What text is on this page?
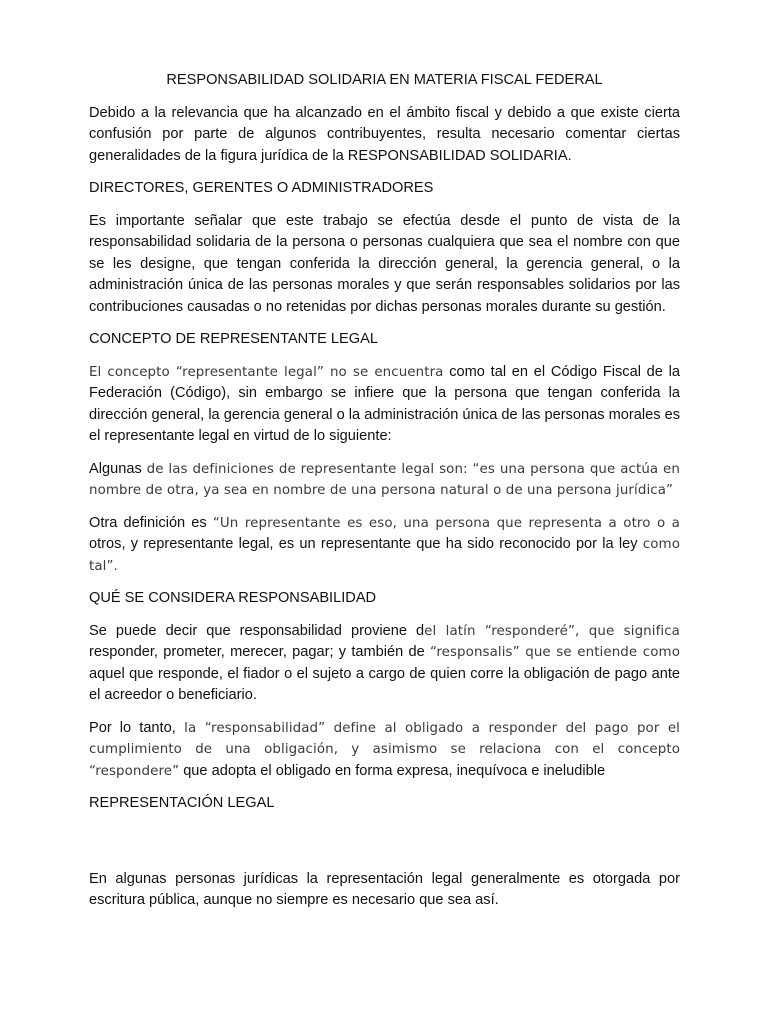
RESPONSABILIDAD SOLIDARIA EN MATERIA FISCAL FEDERAL

Debido a la relevancia que ha alcanzado en el ámbito fiscal y debido a que existe cierta confusión por parte de algunos contribuyentes, resulta necesario comentar ciertas generalidades de la figura jurídica de la RESPONSABILIDAD SOLIDARIA.

DIRECTORES, GERENTES O ADMINISTRADORES

Es importante señalar que este trabajo se efectúa desde el punto de vista de la responsabilidad solidaria de la persona o personas cualquiera que sea el nombre con que se les designe, que tengan conferida la dirección general, la gerencia general, o la administración única de las personas morales y que serán responsables solidarios por las contribuciones causadas o no retenidas por dichas personas morales durante su gestión.

CONCEPTO DE REPRESENTANTE LEGAL

El concepto “representante legal” no se encuentra como tal en el Código Fiscal de la Federación (Código), sin embargo se infiere que la persona que tengan conferida la dirección general, la gerencia general o la administración única de las personas morales es el representante legal en virtud de lo siguiente:

Algunas de las definiciones de representante legal son: “es una persona que actúa en nombre de otra, ya sea en nombre de una persona natural o de una persona jurídica”

Otra definición es “Un representante es eso, una persona que representa a otro o a otros, y representante legal, es un representante que ha sido reconocido por la ley como tal”.

QUÉ SE CONSIDERA RESPONSABILIDAD

Se puede decir que responsabilidad proviene del latín “responderé”, que significa responder, prometer, merecer, pagar; y también de “responsalis” que se entiende como aquel que responde, el fiador o el sujeto a cargo de quien corre la obligación de pago ante el acreedor o beneficiario.

Por lo tanto, la “responsabilidad” define al obligado a responder del pago por el cumplimiento de una obligación, y asimismo se relaciona con el concepto “respondere” que adopta el obligado en forma expresa, inequívoca e ineludible

REPRESENTACIÓN LEGAL

En algunas personas jurídicas la representación legal generalmente es otorgada por escritura pública, aunque no siempre es necesario que sea así.
